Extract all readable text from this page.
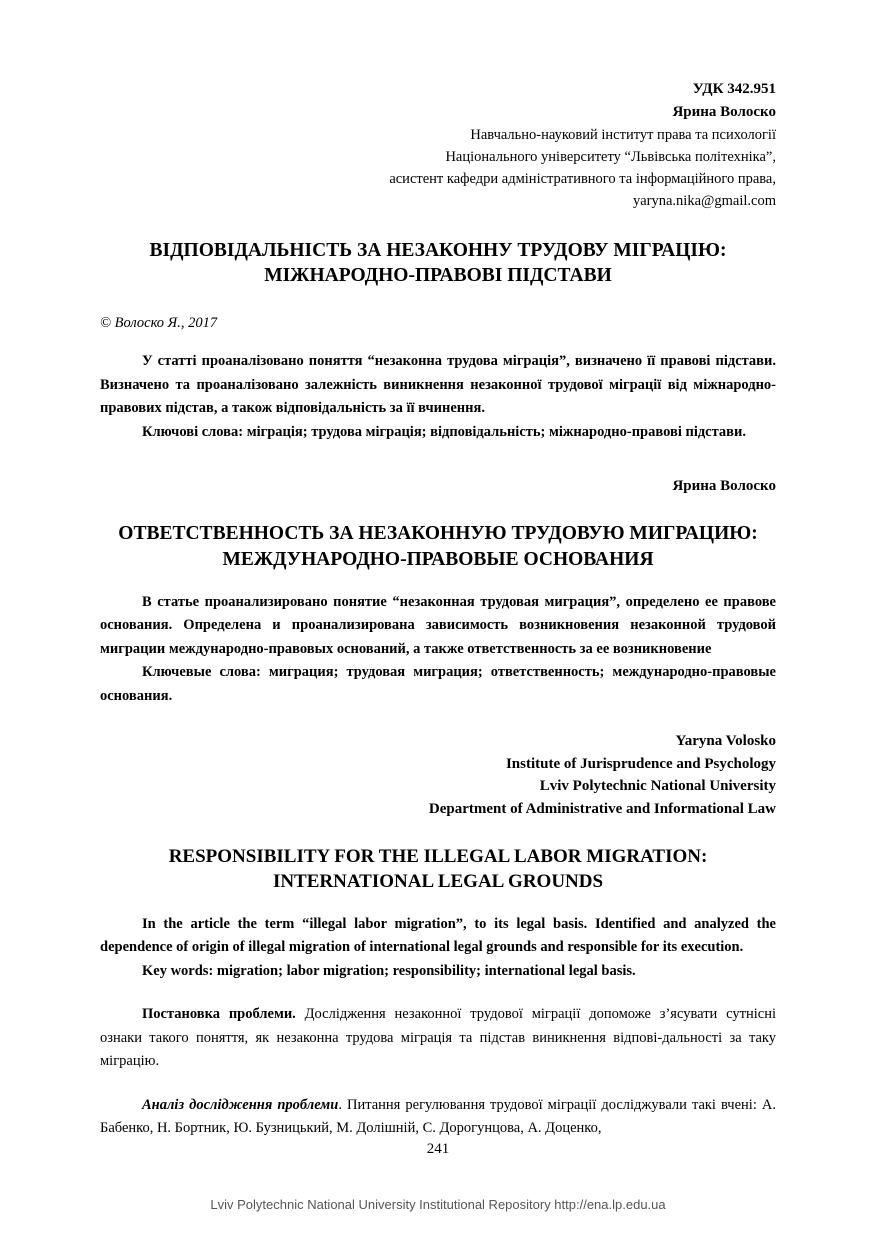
УДК 342.951
Ярина Волоско
Навчально-науковий інститут права та психології
Національного університету “Львівська політехніка”,
асистент кафедри адміністративного та інформаційного права,
yaryna.nika@gmail.com
ВІДПОВІДАЛЬНІСТЬ ЗА НЕЗАКОННУ ТРУДОВУ МІГРАЦІЮ:
МІЖНАРОДНО-ПРАВОВІ ПІДСТАВИ
© Волоско Я., 2017

У статті проаналізовано поняття “незаконна трудова міграція”, визначено її правові підстави. Визначено та проаналізовано залежність виникнення незаконної трудової міграції від міжнародно-правових підстав, а також відповідальність за її вчинення.

Ключові слова: міграція; трудова міграція; відповідальність; міжнародно-правові підстави.

Ярина Волоско
ОТВЕТСТВЕННОСТЬ ЗА НЕЗАКОННУЮ ТРУДОВУЮ МИГРАЦИЮ:
МЕЖДУНАРОДНО-ПРАВОВЫЕ ОСНОВАНИЯ

В статье проанализировано понятие “незаконная трудовая миграция”, определено ее правове основания. Определена и проанализирована зависимость возникновения незаконной трудовой миграции международно-правовых оснований, а также ответственность за ее возникновение

Ключевые слова: миграция; трудовая миграция; ответственность; международно-правовые основания.

Yaryna Volosko
Institute of Jurisprudence and Psychology
Lviv Polytechnic National University
Department of Administrative and Informational Law
RESPONSIBILITY FOR THE ILLEGAL LABOR MIGRATION:
INTERNATIONAL LEGAL GROUNDS

In the article the term “illegal labor migration”, to its legal basis. Identified and analyzed the dependence of origin of illegal migration of international legal grounds and responsible for its execution.

Key words: migration; labor migration; responsibility; international legal basis.

Постановка проблеми. Дослідження незаконної трудової міграції допоможе з’ясувати сутнісні ознаки такого поняття, як незаконна трудова міграція та підстав виникнення відпові-дальності за таку міграцію.

Аналіз дослідження проблеми. Питання регулювання трудової міграції досліджували такі вчені: А. Бабенко, Н. Бортник, Ю. Бузницький, М. Долішній, С. Дорогунцова, А. Доценко,

241
Lviv Polytechnic National University Institutional Repository http://ena.lp.edu.ua
